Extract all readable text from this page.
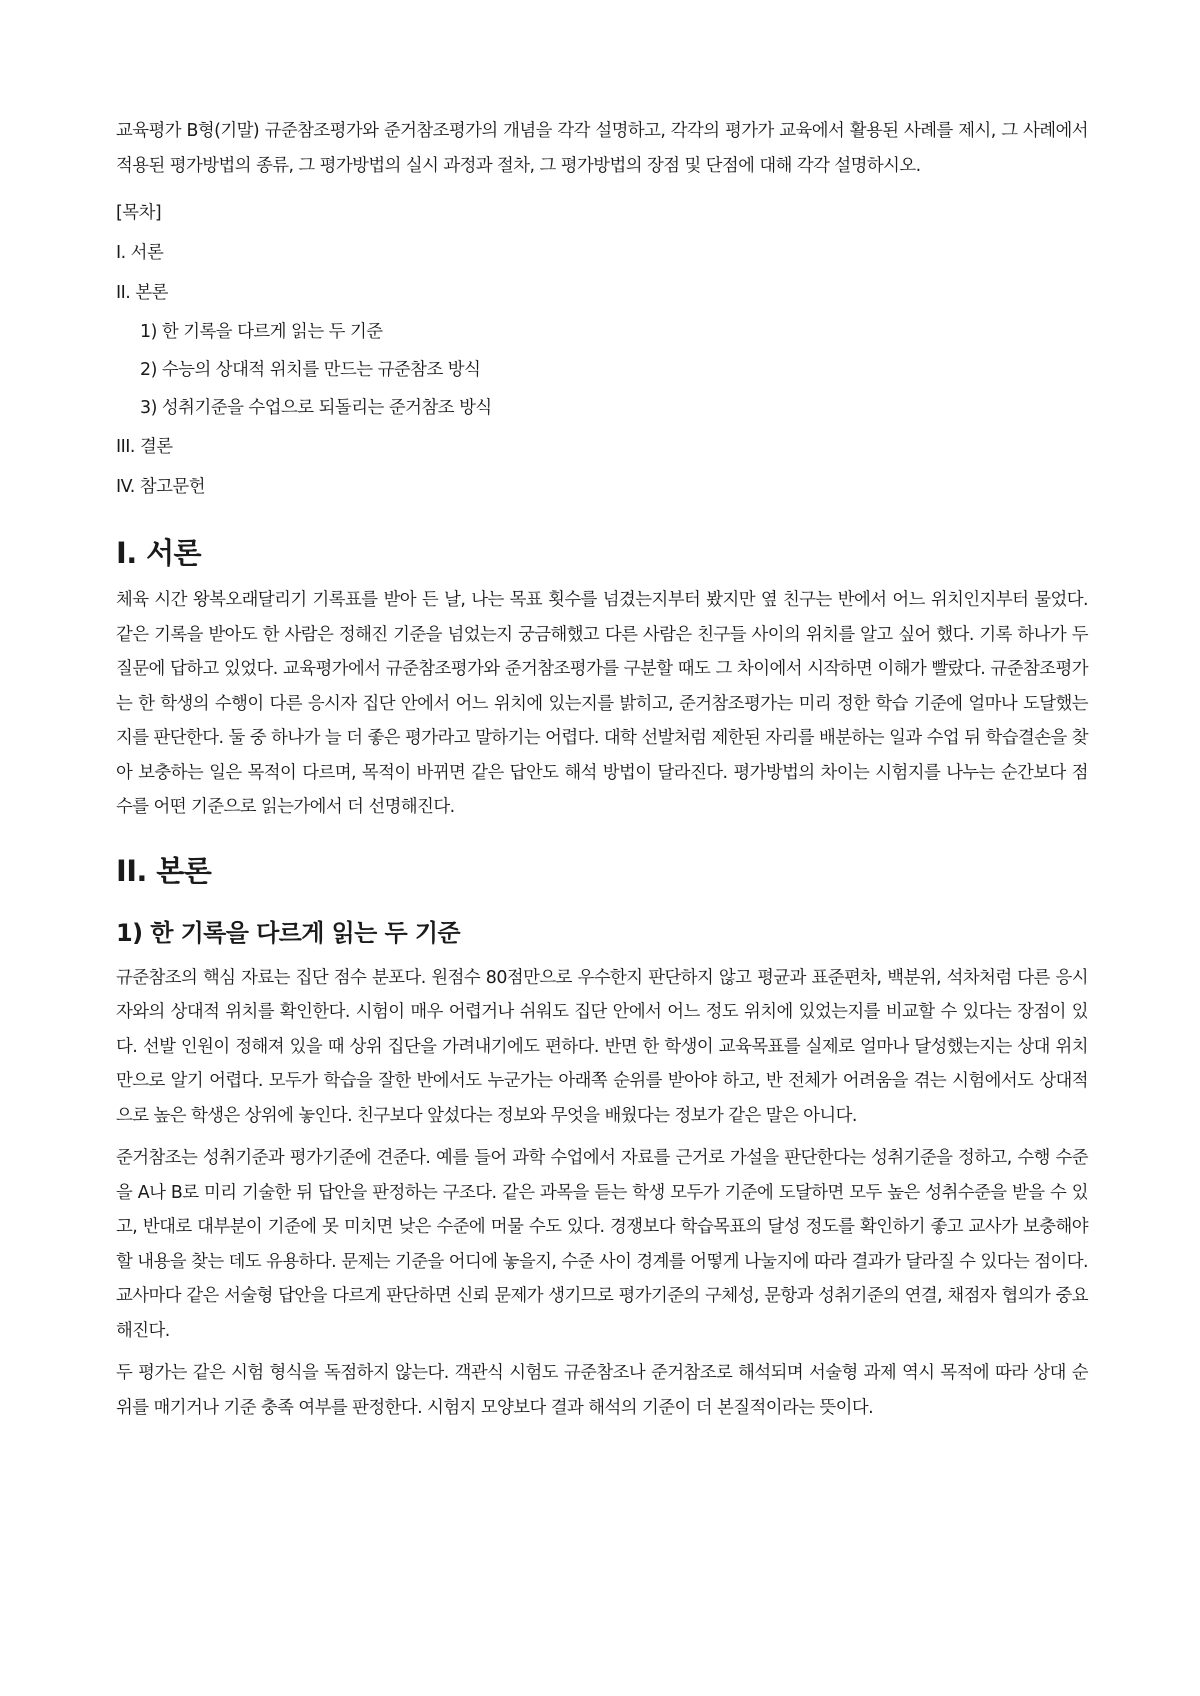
교육평가 B형(기말) 규준참조평가와 준거참조평가의 개념을 각각 설명하고, 각각의 평가가 교육에서 활용된 사례를 제시, 그 사례에서 적용된 평가방법의 종류, 그 평가방법의 실시 과정과 절차, 그 평가방법의 장점 및 단점에 대해 각각 설명하시오.

[목차]
I. 서론
II. 본론
1) 한 기록을 다르게 읽는 두 기준
2) 수능의 상대적 위치를 만드는 규준참조 방식
3) 성취기준을 수업으로 되돌리는 준거참조 방식
III. 결론
IV. 참고문헌
I. 서론

체육 시간 왕복오래달리기 기록표를 받아 든 날, 나는 목표 횟수를 넘겼는지부터 봤지만 옆 친구는 반에서 어느 위치인지부터 물었다. 같은 기록을 받아도 한 사람은 정해진 기준을 넘었는지 궁금해했고 다른 사람은 친구들 사이의 위치를 알고 싶어 했다. 기록 하나가 두 질문에 답하고 있었다. 교육평가에서 규준참조평가와 준거참조평가를 구분할 때도 그 차이에서 시작하면 이해가 빨랐다. 규준참조평가는 한 학생의 수행이 다른 응시자 집단 안에서 어느 위치에 있는지를 밝히고, 준거참조평가는 미리 정한 학습 기준에 얼마나 도달했는지를 판단한다. 둘 중 하나가 늘 더 좋은 평가라고 말하기는 어렵다. 대학 선발처럼 제한된 자리를 배분하는 일과 수업 뒤 학습결손을 찾아 보충하는 일은 목적이 다르며, 목적이 바뀌면 같은 답안도 해석 방법이 달라진다. 평가방법의 차이는 시험지를 나누는 순간보다 점수를 어떤 기준으로 읽는가에서 더 선명해진다.

II. 본론
1) 한 기록을 다르게 읽는 두 기준

규준참조의 핵심 자료는 집단 점수 분포다. 원점수 80점만으로 우수한지 판단하지 않고 평균과 표준편차, 백분위, 석차처럼 다른 응시자와의 상대적 위치를 확인한다. 시험이 매우 어렵거나 쉬워도 집단 안에서 어느 정도 위치에 있었는지를 비교할 수 있다는 장점이 있다. 선발 인원이 정해져 있을 때 상위 집단을 가려내기에도 편하다. 반면 한 학생이 교육목표를 실제로 얼마나 달성했는지는 상대 위치만으로 알기 어렵다. 모두가 학습을 잘한 반에서도 누군가는 아래쪽 순위를 받아야 하고, 반 전체가 어려움을 겪는 시험에서도 상대적으로 높은 학생은 상위에 놓인다. 친구보다 앞섰다는 정보와 무엇을 배웠다는 정보가 같은 말은 아니다.

준거참조는 성취기준과 평가기준에 견준다. 예를 들어 과학 수업에서 자료를 근거로 가설을 판단한다는 성취기준을 정하고, 수행 수준을 A나 B로 미리 기술한 뒤 답안을 판정하는 구조다. 같은 과목을 듣는 학생 모두가 기준에 도달하면 모두 높은 성취수준을 받을 수 있고, 반대로 대부분이 기준에 못 미치면 낮은 수준에 머물 수도 있다. 경쟁보다 학습목표의 달성 정도를 확인하기 좋고 교사가 보충해야 할 내용을 찾는 데도 유용하다. 문제는 기준을 어디에 놓을지, 수준 사이 경계를 어떻게 나눌지에 따라 결과가 달라질 수 있다는 점이다. 교사마다 같은 서술형 답안을 다르게 판단하면 신뢰 문제가 생기므로 평가기준의 구체성, 문항과 성취기준의 연결, 채점자 협의가 중요해진다.

두 평가는 같은 시험 형식을 독점하지 않는다. 객관식 시험도 규준참조나 준거참조로 해석되며 서술형 과제 역시 목적에 따라 상대 순위를 매기거나 기준 충족 여부를 판정한다. 시험지 모양보다 결과 해석의 기준이 더 본질적이라는 뜻이다.
